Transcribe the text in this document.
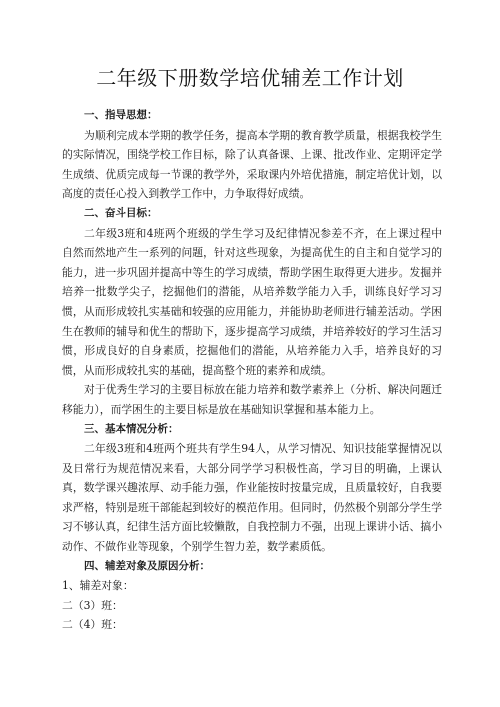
二年级下册数学培优辅差工作计划

一、指导思想：

为顺利完成本学期的教学任务，提高本学期的教育教学质量，根据我校学生的实际情况，围绕学校工作目标，除了认真备课、上课、批改作业、定期评定学生成绩、优质完成每一节课的教学外，采取课内外培优措施，制定培优计划，以高度的责任心投入到教学工作中，力争取得好成绩。

二、奋斗目标：

二年级3班和4班两个班级的学生学习及纪律情况参差不齐，在上课过程中自然而然地产生一系列的问题，针对这些现象，为提高优生的自主和自觉学习的能力，进一步巩固并提高中等生的学习成绩，帮助学困生取得更大进步。发掘并培养一批数学尖子，挖掘他们的潜能，从培养数学能力入手，训练良好学习习惯，从而形成较扎实基础和较强的应用能力，并能协助老师进行辅差活动。学困生在教师的辅导和优生的帮助下，逐步提高学习成绩，并培养较好的学习生活习惯，形成良好的自身素质，挖掘他们的潜能，从培养能力入手，培养良好的习惯，从而形成较扎实的基础，提高整个班的素养和成绩。

对于优秀生学习的主要目标放在能力培养和数学素养上（分析、解决问题迁移能力），而学困生的主要目标是放在基础知识掌握和基本能力上。

三、基本情况分析：

二年级3班和4班两个班共有学生94人，从学习情况、知识技能掌握情况以及日常行为规范情况来看，大部分同学学习积极性高，学习目的明确，上课认真，数学课兴趣浓厚、动手能力强，作业能按时按量完成，且质量较好，自我要求严格，特别是班干部能起到较好的模范作用。但同时，仍然极个别部分学生学习不够认真，纪律生活方面比较懒散，自我控制力不强，出现上课讲小话、搞小动作、不做作业等现象，个别学生智力差，数学素质低。

四、辅差对象及原因分析：

1、辅差对象：

二（3）班：

二（4）班：
